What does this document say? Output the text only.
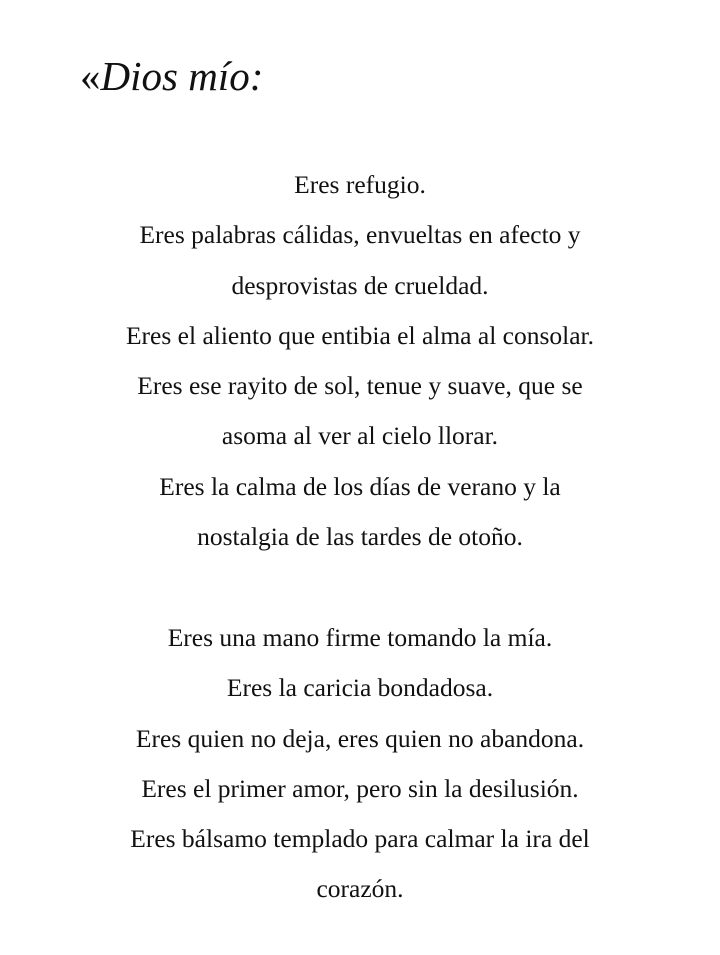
«Dios mío:
Eres refugio.
Eres palabras cálidas, envueltas en afecto y
desprovistas de crueldad.
Eres el aliento que entibia el alma al consolar.
Eres ese rayito de sol, tenue y suave, que se
asoma al ver al cielo llorar.
Eres la calma de los días de verano y la
nostalgia de las tardes de otoño.
Eres una mano firme tomando la mía.
Eres la caricia bondadosa.
Eres quien no deja, eres quien no abandona.
Eres el primer amor, pero sin la desilusión.
Eres bálsamo templado para calmar la ira del
corazón.
